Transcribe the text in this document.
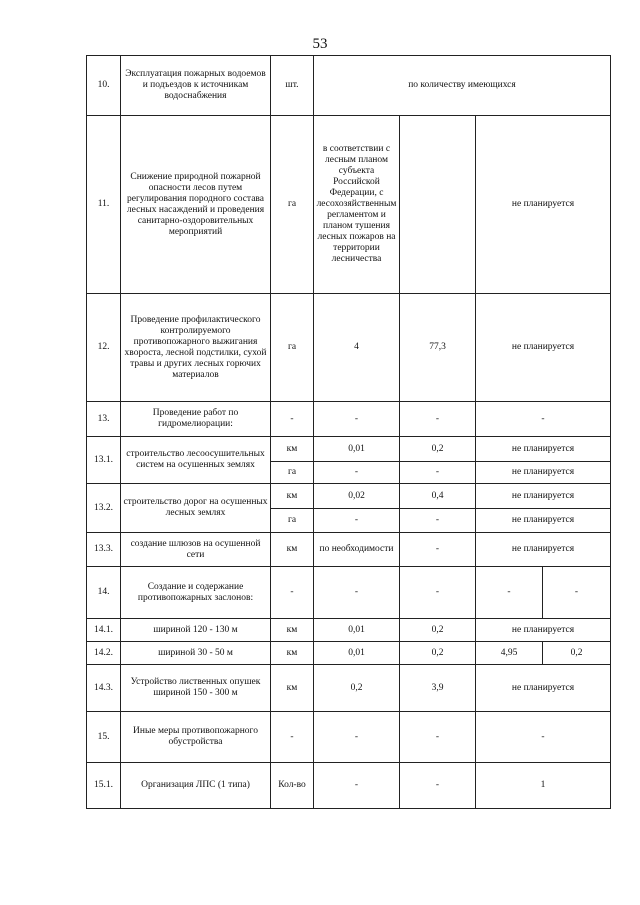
53
10.	Эксплуатация пожарных водоемов и подъездов к источникам водоснабжения	шт.	по количеству имеющихся			
11.	Снижение природной пожарной опасности лесов путем регулирования породного состава лесных насаждений и проведения санитарно-оздоровительных мероприятий	га	в соответствии с лесным планом субъекта Российской Федерации, с лесохозяйственным регламентом и планом тушения лесных пожаров на территории лесничества		не планируется	
12.	Проведение профилактического контролируемого противопожарного выжигания хвороста, лесной подстилки, сухой травы и других лесных горючих материалов	га	4	77,3	не планируется	
13.	Проведение работ по гидромелиорации:	-	-	-	-	
13.1.	строительство лесоосушительных систем на осушенных землях	км	0,01	0,2	не планируется	
		га	-	-	не планируется	
13.2.	строительство дорог на осушенных лесных землях	км	0,02	0,4	не планируется	
		га	-	-	не планируется	
13.3.	создание шлюзов на осушенной сети	км	по необходимости	-	не планируется	
14.	Создание и содержание противопожарных заслонов:	-	-	-	-	-
14.1.	шириной 120 - 130 м	км	0,01	0,2	не планируется	
14.2.	шириной 30 - 50 м	км	0,01	0,2	4,95	0,2
14.3.	Устройство лиственных опушек шириной 150 - 300 м	км	0,2	3,9	не планируется	
15.	Иные меры противопожарного обустройства	-	-	-	-	
15.1.	Организация ЛПС (1 типа)	Кол-во	-	-	1	
